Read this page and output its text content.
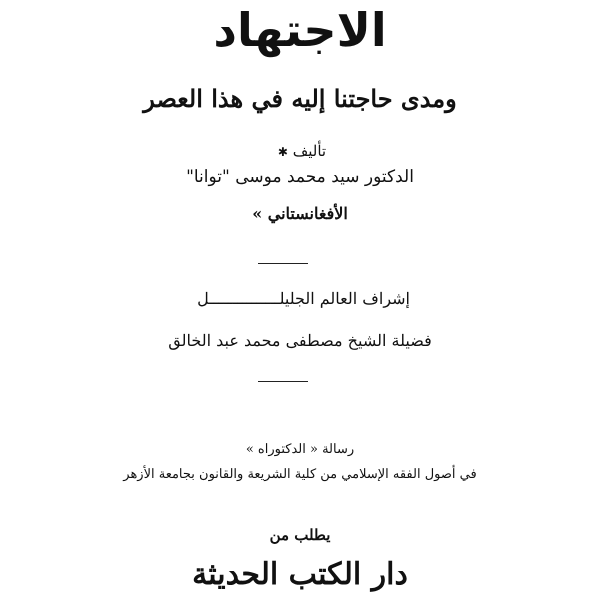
الاجتهاد
ومدى حاجتنا إليه في هذا العصر
تأليف ✱
الدكتور سيد محمد موسى "توانا"
الأفغانستاني »
إشراف العالم الجليلـــــــــــــــل
فضيلة الشيخ مصطفى محمد عبد الخالق
رسالة « الدكتوراه »
في أصول الفقه الإسلامي من كلية الشريعة والقانون بجامعة الأزهر
يطلب من
دار الكتب الحديثة
